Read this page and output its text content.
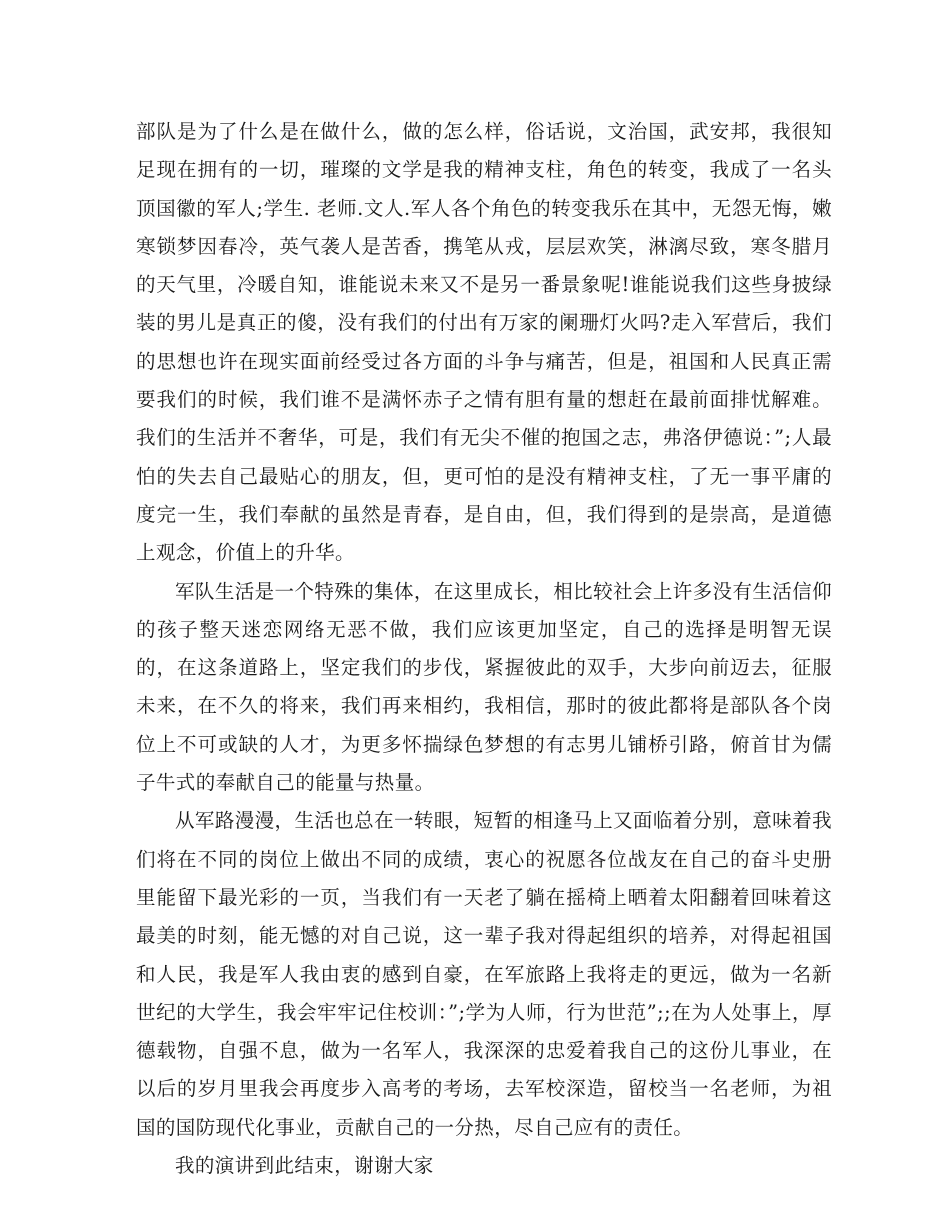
部队是为了什么是在做什么，做的怎么样，俗话说，文治国，武安邦，我很知足现在拥有的一切，璀璨的文学是我的精神支柱，角色的转变，我成了一名头顶国徽的军人;学生. 老师.文人.军人各个角色的转变我乐在其中，无怨无悔，嫩寒锁梦因春冷，英气袭人是苦香，携笔从戎，层层欢笑，淋漓尽致，寒冬腊月的天气里，冷暖自知，谁能说未来又不是另一番景象呢!谁能说我们这些身披绿装的男儿是真正的傻，没有我们的付出有万家的阑珊灯火吗?走入军营后，我们的思想也许在现实面前经受过各方面的斗争与痛苦，但是，祖国和人民真正需要我们的时候，我们谁不是满怀赤子之情有胆有量的想赶在最前面排忧解难。我们的生活并不奢华，可是，我们有无尖不催的抱国之志，弗洛伊德说：”;人最怕的失去自己最贴心的朋友，但，更可怕的是没有精神支柱，了无一事平庸的度完一生，我们奉献的虽然是青春，是自由，但，我们得到的是崇高，是道德上观念，价值上的升华。

军队生活是一个特殊的集体，在这里成长，相比较社会上许多没有生活信仰的孩子整天迷恋网络无恶不做，我们应该更加坚定，自己的选择是明智无误的，在这条道路上，坚定我们的步伐，紧握彼此的双手，大步向前迈去，征服未来，在不久的将来，我们再来相约，我相信，那时的彼此都将是部队各个岗位上不可或缺的人才，为更多怀揣绿色梦想的有志男儿铺桥引路，俯首甘为儒子牛式的奉献自己的能量与热量。

从军路漫漫，生活也总在一转眼，短暂的相逢马上又面临着分别，意味着我们将在不同的岗位上做出不同的成绩，衷心的祝愿各位战友在自己的奋斗史册里能留下最光彩的一页，当我们有一天老了躺在摇椅上晒着太阳翻着回味着这最美的时刻，能无憾的对自己说，这一辈子我对得起组织的培养，对得起祖国和人民，我是军人我由衷的感到自豪，在军旅路上我将走的更远，做为一名新世纪的大学生，我会牢牢记住校训：”;学为人师，行为世范”;;在为人处事上，厚德载物，自强不息，做为一名军人，我深深的忠爱着我自己的这份儿事业，在以后的岁月里我会再度步入高考的考场，去军校深造，留校当一名老师，为祖国的国防现代化事业，贡献自己的一分热，尽自己应有的责任。

我的演讲到此结束，谢谢大家
